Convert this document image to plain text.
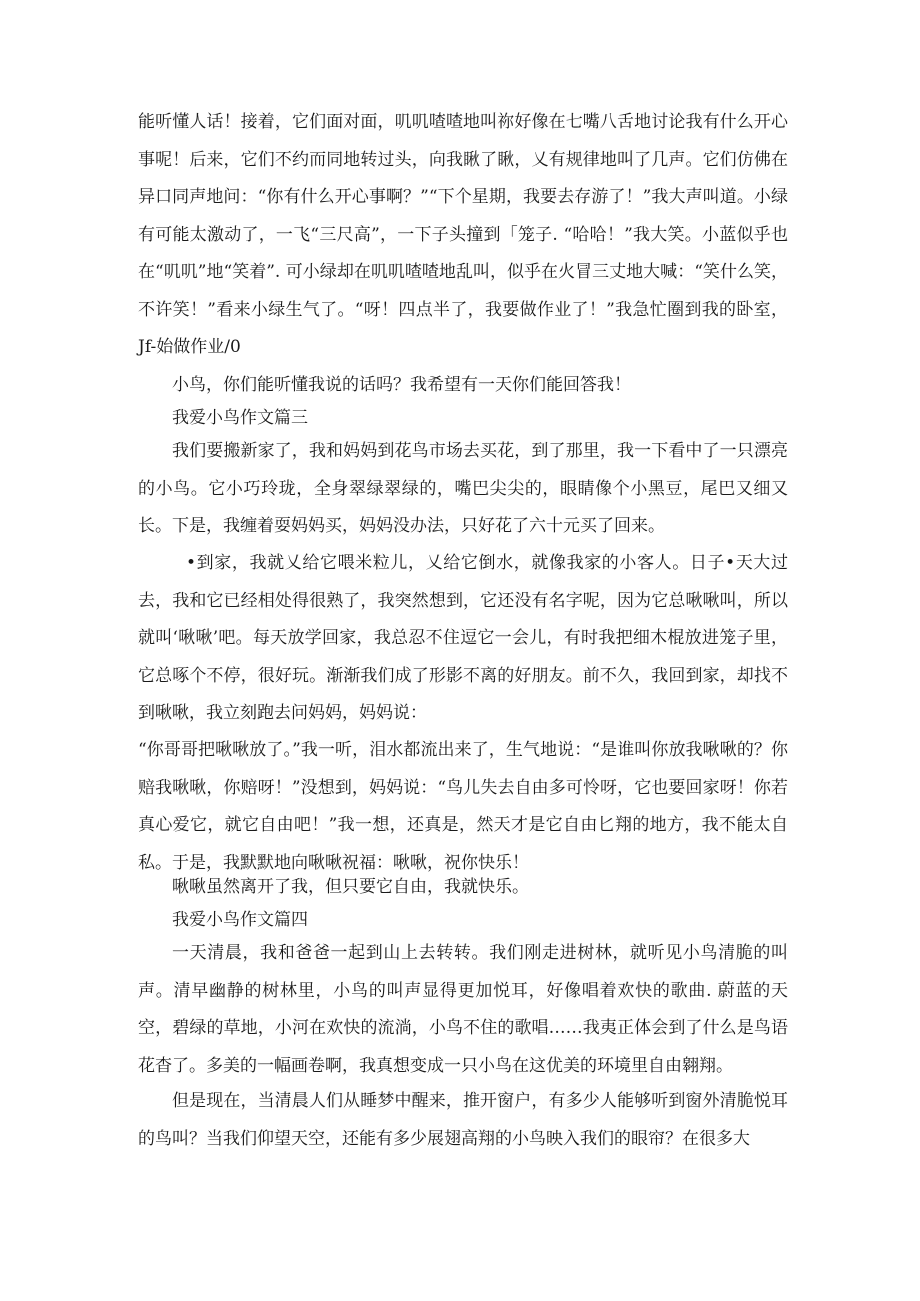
能听懂人话！接着，它们面对面，叽叽喳喳地叫祢好像在七嘴八舌地讨论我有什么开心事呢！后来，它们不约而同地转过头，向我瞅了瞅，乂有规律地叫了几声。它们仿佛在异口同声地问：“你有什么开心事啊？”“下个星期，我要去存游了！”我大声叫道。小绿有可能太激动了，一飞“三尺高”，一下子头撞到「笼子. “哈哈！”我大笑。小蓝似乎也在“叽叽”地“笑着”. 可小绿却在叽叽喳喳地乱叫，似乎在火冒三丈地大喊：“笑什么笑，不许笑！”看来小绿生气了。“呀！四点半了，我要做作业了！”我急忙圈到我的卧室，Jf-始做作业/0

小鸟，你们能听懂我说的话吗？我希望有一天你们能回答我！

我爱小鸟作文篇三

我们要搬新家了，我和妈妈到花鸟市场去买花，到了那里，我一下看中了一只漂亮的小鸟。它小巧玲珑，全身翠绿翠绿的，嘴巴尖尖的，眼睛像个小黑豆，尾巴又细又长。下是，我缠着耍妈妈买，妈妈没办法，只好花了六十元买了回来。

•到家，我就乂给它喂米粒儿，乂给它倒水，就像我家的小客人。日子•天大过去，我和它已经相处得很熟了，我突然想到，它还没有名字呢，因为它总啾啾叫，所以就叫‘啾啾’吧。每天放学回家，我总忍不住逗它一会儿，有时我把细木棍放进笼子里，它总啄个不停，很好玩。渐渐我们成了形影不离的好朋友。前不久，我回到家，却找不到啾啾，我立刻跑去问妈妈，妈妈说：

“你哥哥把啾啾放了。”我一听，泪水都流出来了，生气地说：“是谁叫你放我啾啾的？你赔我啾啾，你赔呀！”没想到，妈妈说：“鸟儿失去自由多可怜呀，它也要回家呀！你若真心爱它，就它自由吧！”我一想，还真是，然天才是它自由匕翔的地方，我不能太自私。于是，我默默地向啾啾祝福：啾啾，祝你快乐！

啾啾虽然离开了我，但只要它自由，我就快乐。

我爱小鸟作文篇四

一天清晨，我和爸爸一起到山上去转转。我们刚走进树林，就听见小鸟清脆的叫声。清早幽静的树林里，小鸟的叫声显得更加悦耳，好像唱着欢快的歌曲. 蔚蓝的天空，碧绿的草地，小河在欢快的流淌，小鸟不住的歌唱……我夷正体会到了什么是鸟语花杳了。多美的一幅画卷啊，我真想变成一只小鸟在这优美的环境里自由翱翔。

但是现在，当清晨人们从睡梦中醒来，推开窗户，有多少人能够听到窗外清脆悦耳的鸟叫？当我们仰望天空，还能有多少展翅高翔的小鸟映入我们的眼帘？在很多大
